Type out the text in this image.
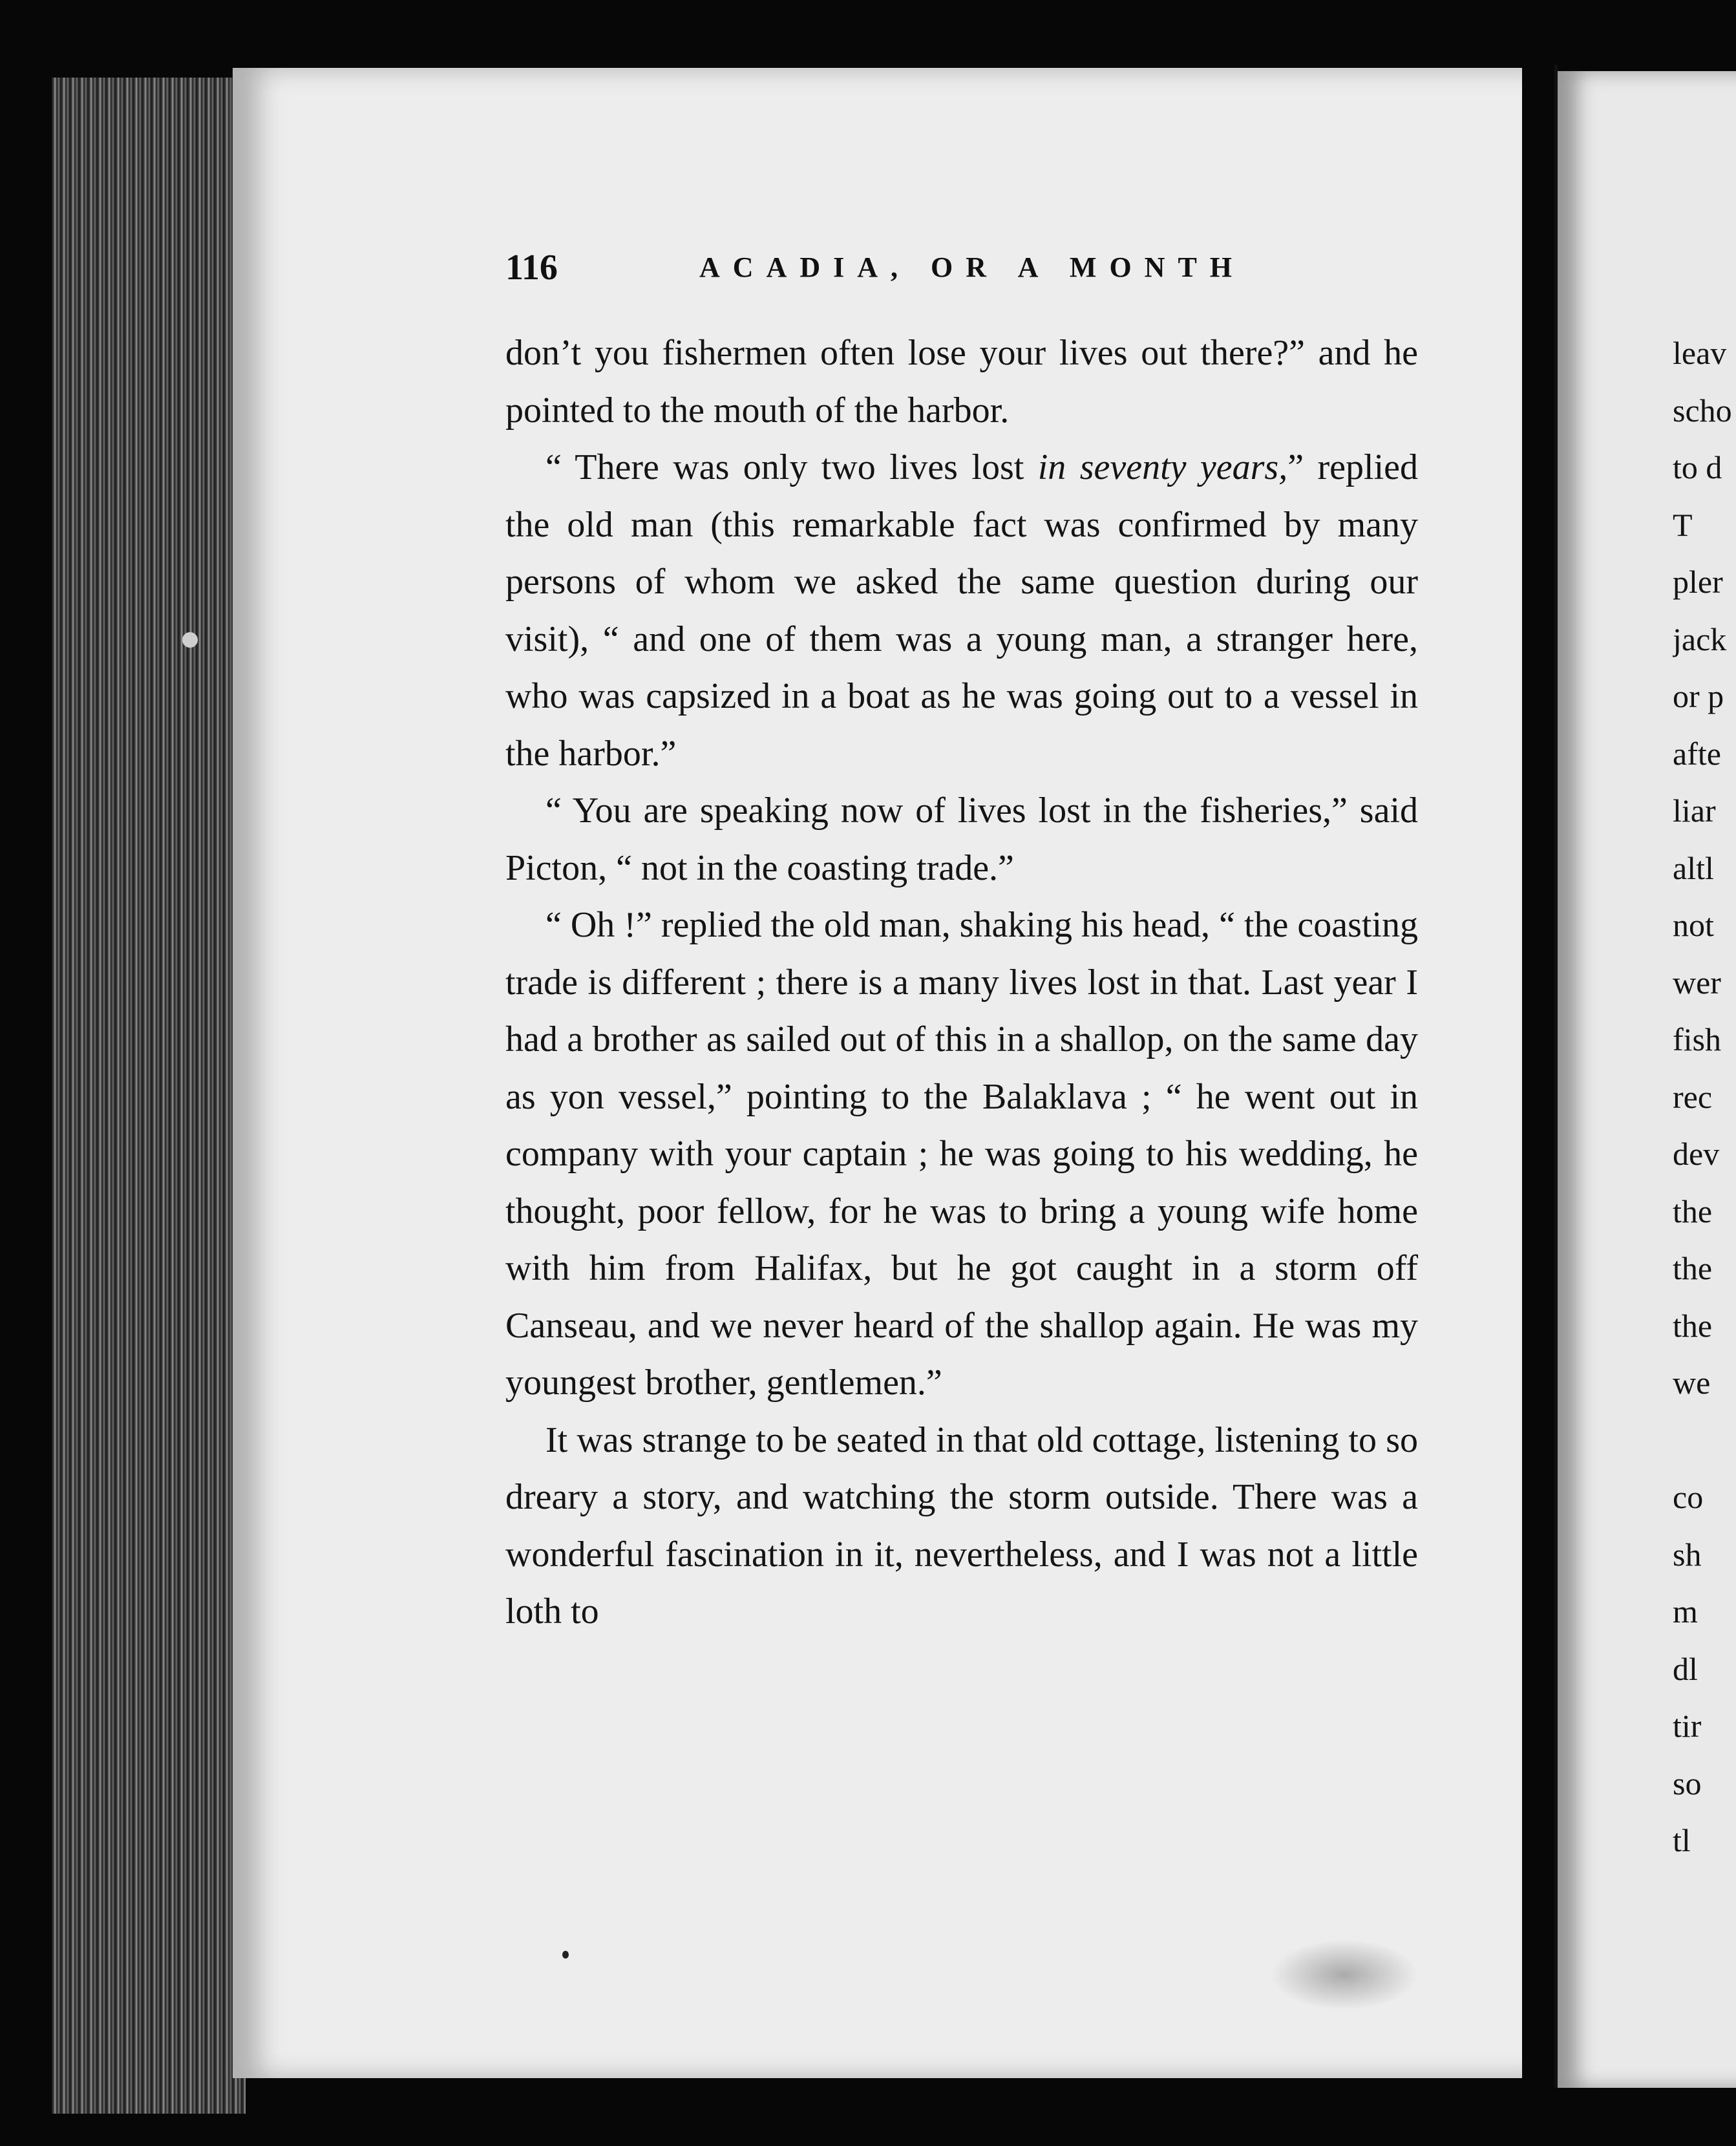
116	ACADIA, OR A MONTH

don’t you fishermen often lose your lives out there?” and he pointed to the mouth of the harbor.

“ There was only two lives lost in seventy years,” replied the old man (this remarkable fact was confirmed by many persons of whom we asked the same question during our visit), “ and one of them was a young man, a stranger here, who was capsized in a boat as he was going out to a vessel in the harbor.”

“ You are speaking now of lives lost in the fisheries,” said Picton, “ not in the coasting trade.”

“ Oh !” replied the old man, shaking his head, “ the coasting trade is different ; there is a many lives lost in that. Last year I had a brother as sailed out of this in a shallop, on the same day as yon vessel,” pointing to the Balaklava ; “ he went out in company with your captain ; he was going to his wedding, he thought, poor fellow, for he was to bring a young wife home with him from Halifax, but he got caught in a storm off Canseau, and we never heard of the shallop again. He was my youngest brother, gentlemen.”

It was strange to be seated in that old cottage, listening to so dreary a story, and watching the storm outside. There was a wonderful fascination in it, nevertheless, and I was not a little loth to

leav
scho
to d
T
pler
jack
or p
afte
liar
altl
not
wer
fish
rec
dev
the
the
the
we
co
sh
m
dl
tir
so
tl
